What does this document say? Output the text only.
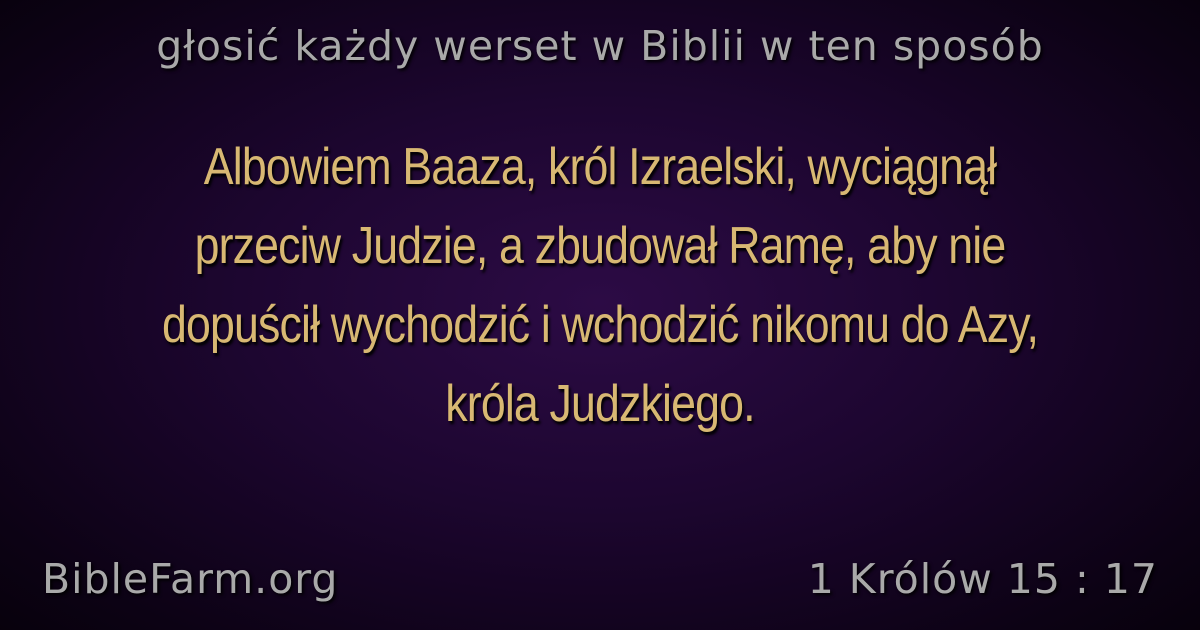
głosić każdy werset w Biblii w ten sposób
Albowiem Baaza, król Izraelski, wyciągnął przeciw Judzie, a zbudował Ramę, aby nie dopuścił wychodzić i wchodzić nikomu do Azy, króla Judzkiego.
BibleFarm.org	1 Królów 15 : 17
